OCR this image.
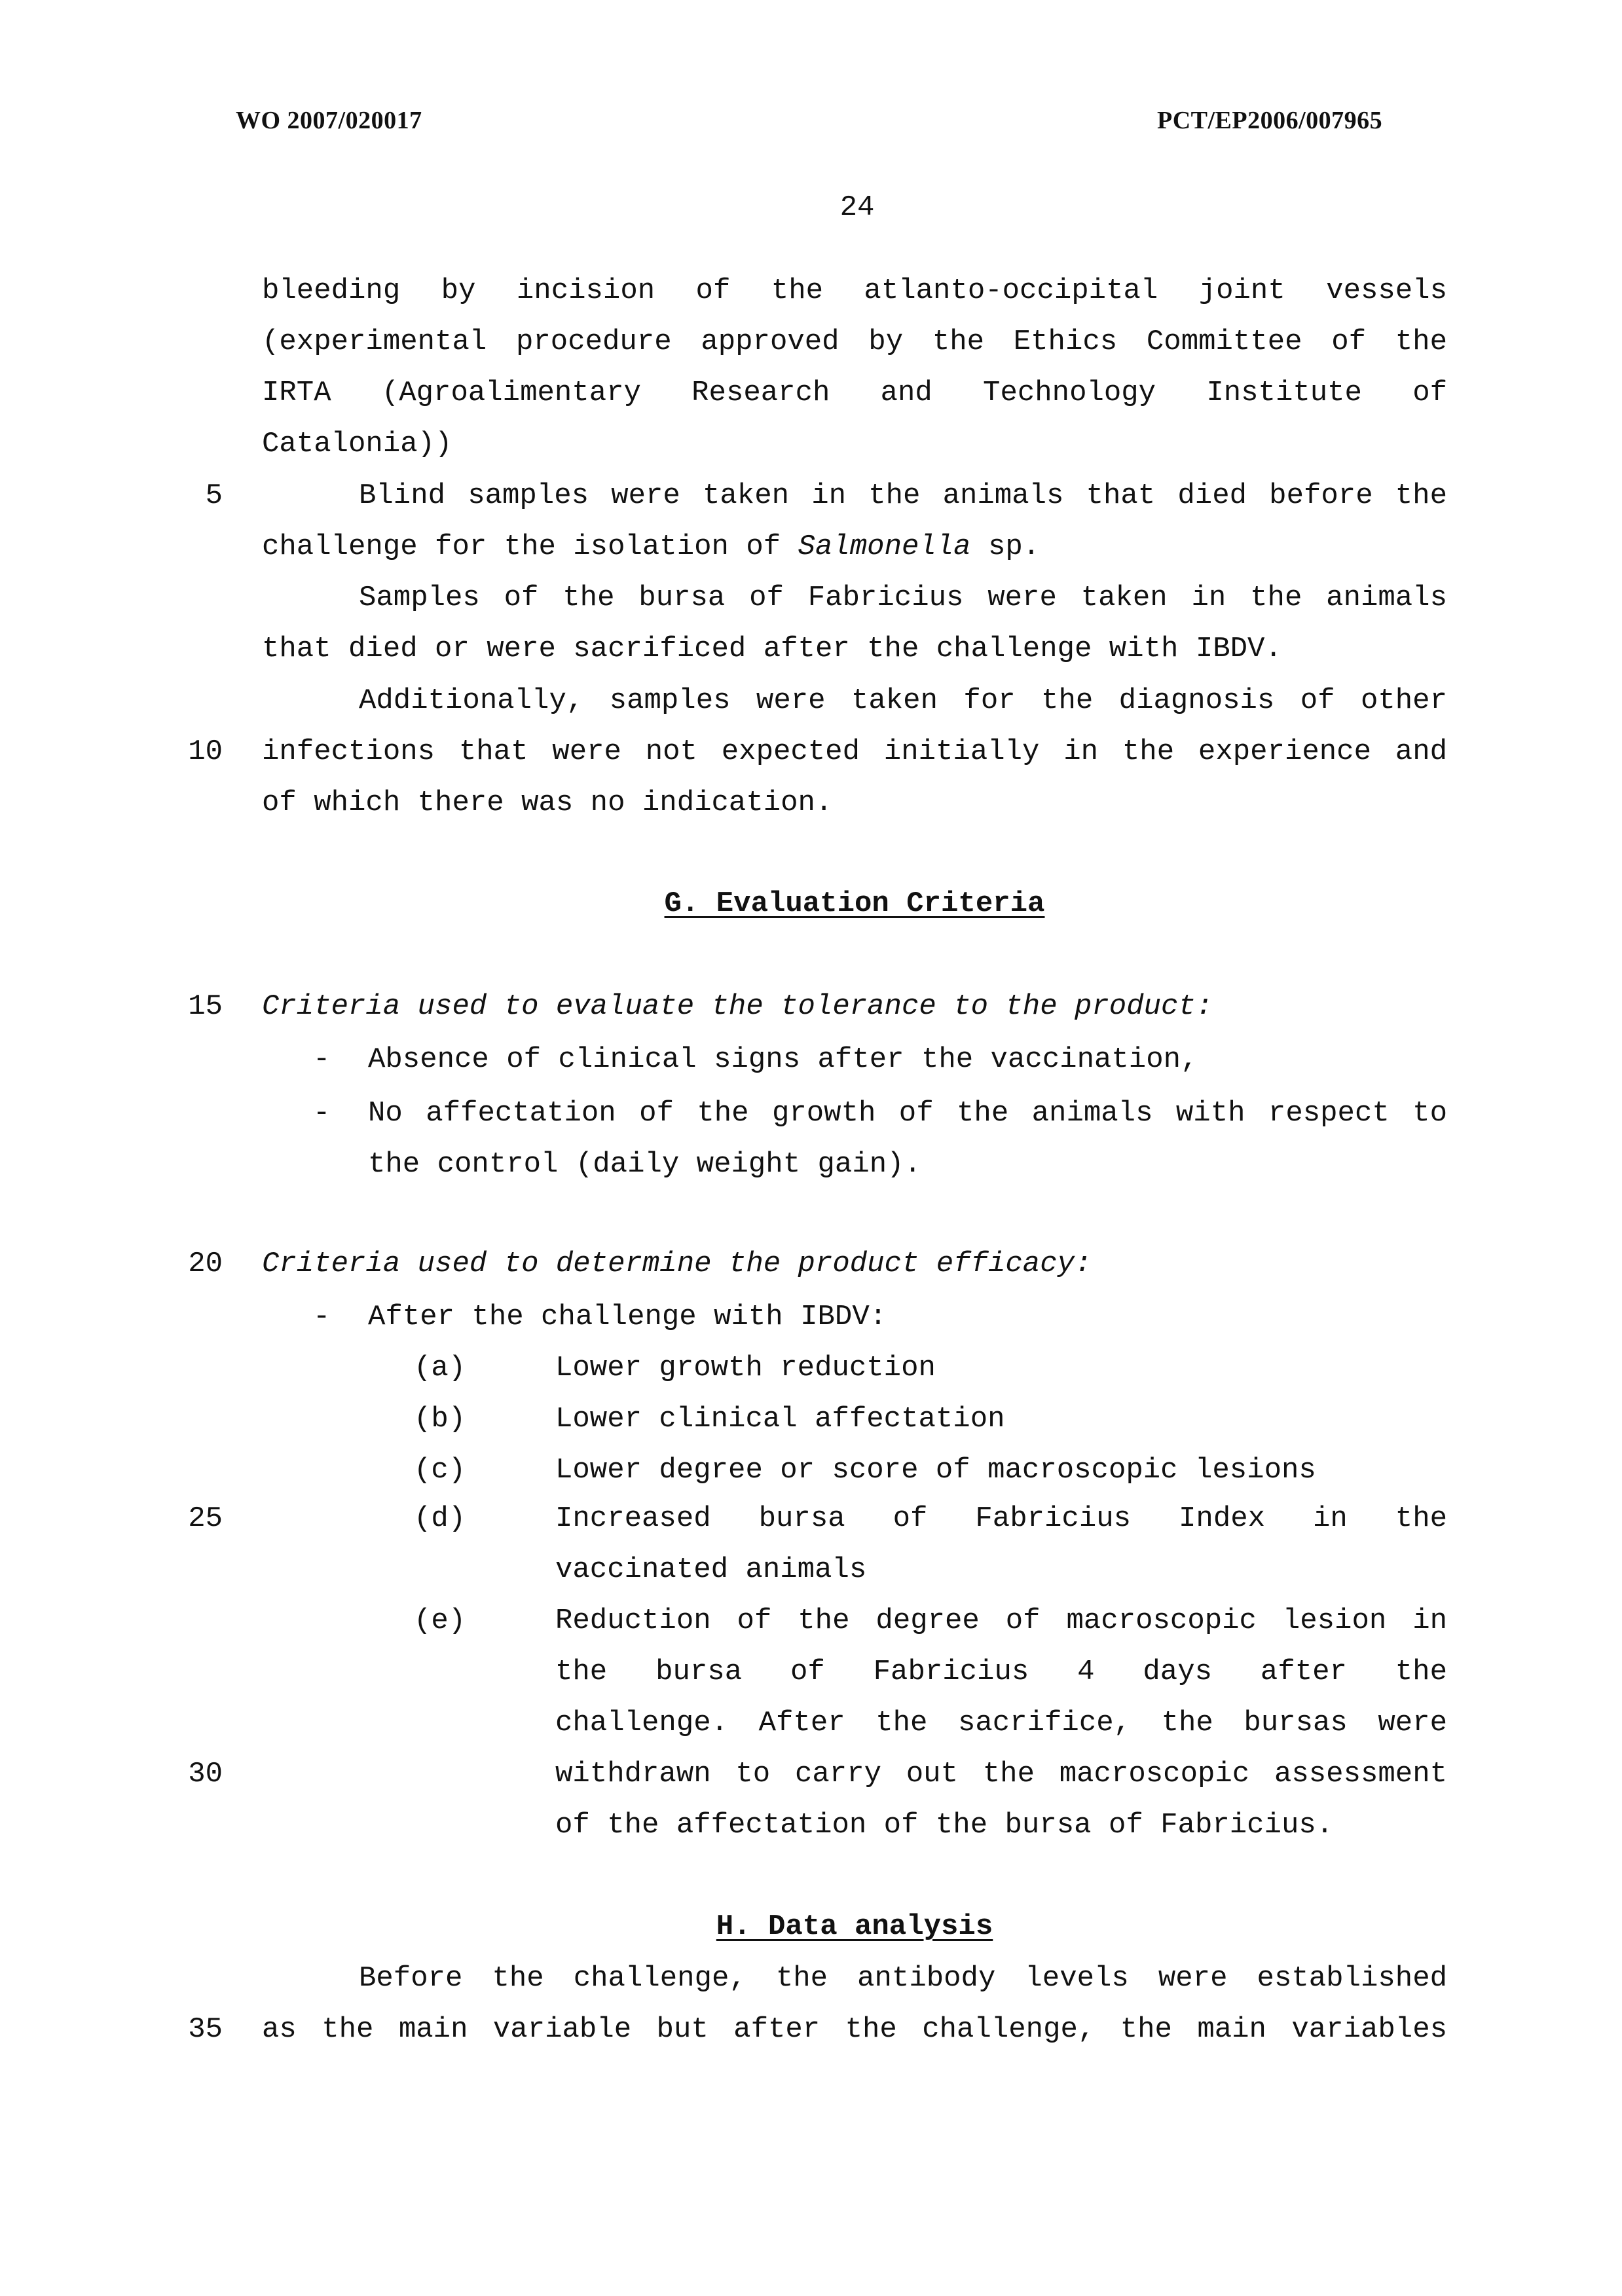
WO 2007/020017	PCT/EP2006/007965
24
5
10
15
20
25
30
35
bleeding by incision of the atlanto-occipital joint vessels
(experimental procedure approved by the Ethics Committee of the
IRTA (Agroalimentary Research and Technology Institute of
Catalonia))
Blind samples were taken in the animals that died before the
challenge for the isolation of Salmonella sp.
Samples of the bursa of Fabricius were taken in the animals
that died or were sacrificed after the challenge with IBDV.
Additionally, samples were taken for the diagnosis of other
infections that were not expected initially in the experience and
of which there was no indication.
G. Evaluation Criteria
Criteria used to evaluate the tolerance to the product:
- Absence of clinical signs after the vaccination,
- No affectation of the growth of the animals with respect to
the control (daily weight gain).
Criteria used to determine the product efficacy:
- After the challenge with IBDV:
(a)	Lower growth reduction
(b)	Lower clinical affectation
(c)	Lower degree or score of macroscopic lesions
(d)	Increased bursa of Fabricius Index in the
vaccinated animals
(e)	Reduction of the degree of macroscopic lesion in
the bursa of Fabricius 4 days after the
challenge. After the sacrifice, the bursas were
withdrawn to carry out the macroscopic assessment
of the affectation of the bursa of Fabricius.
H. Data analysis
Before the challenge, the antibody levels were established
as the main variable but after the challenge, the main variables
